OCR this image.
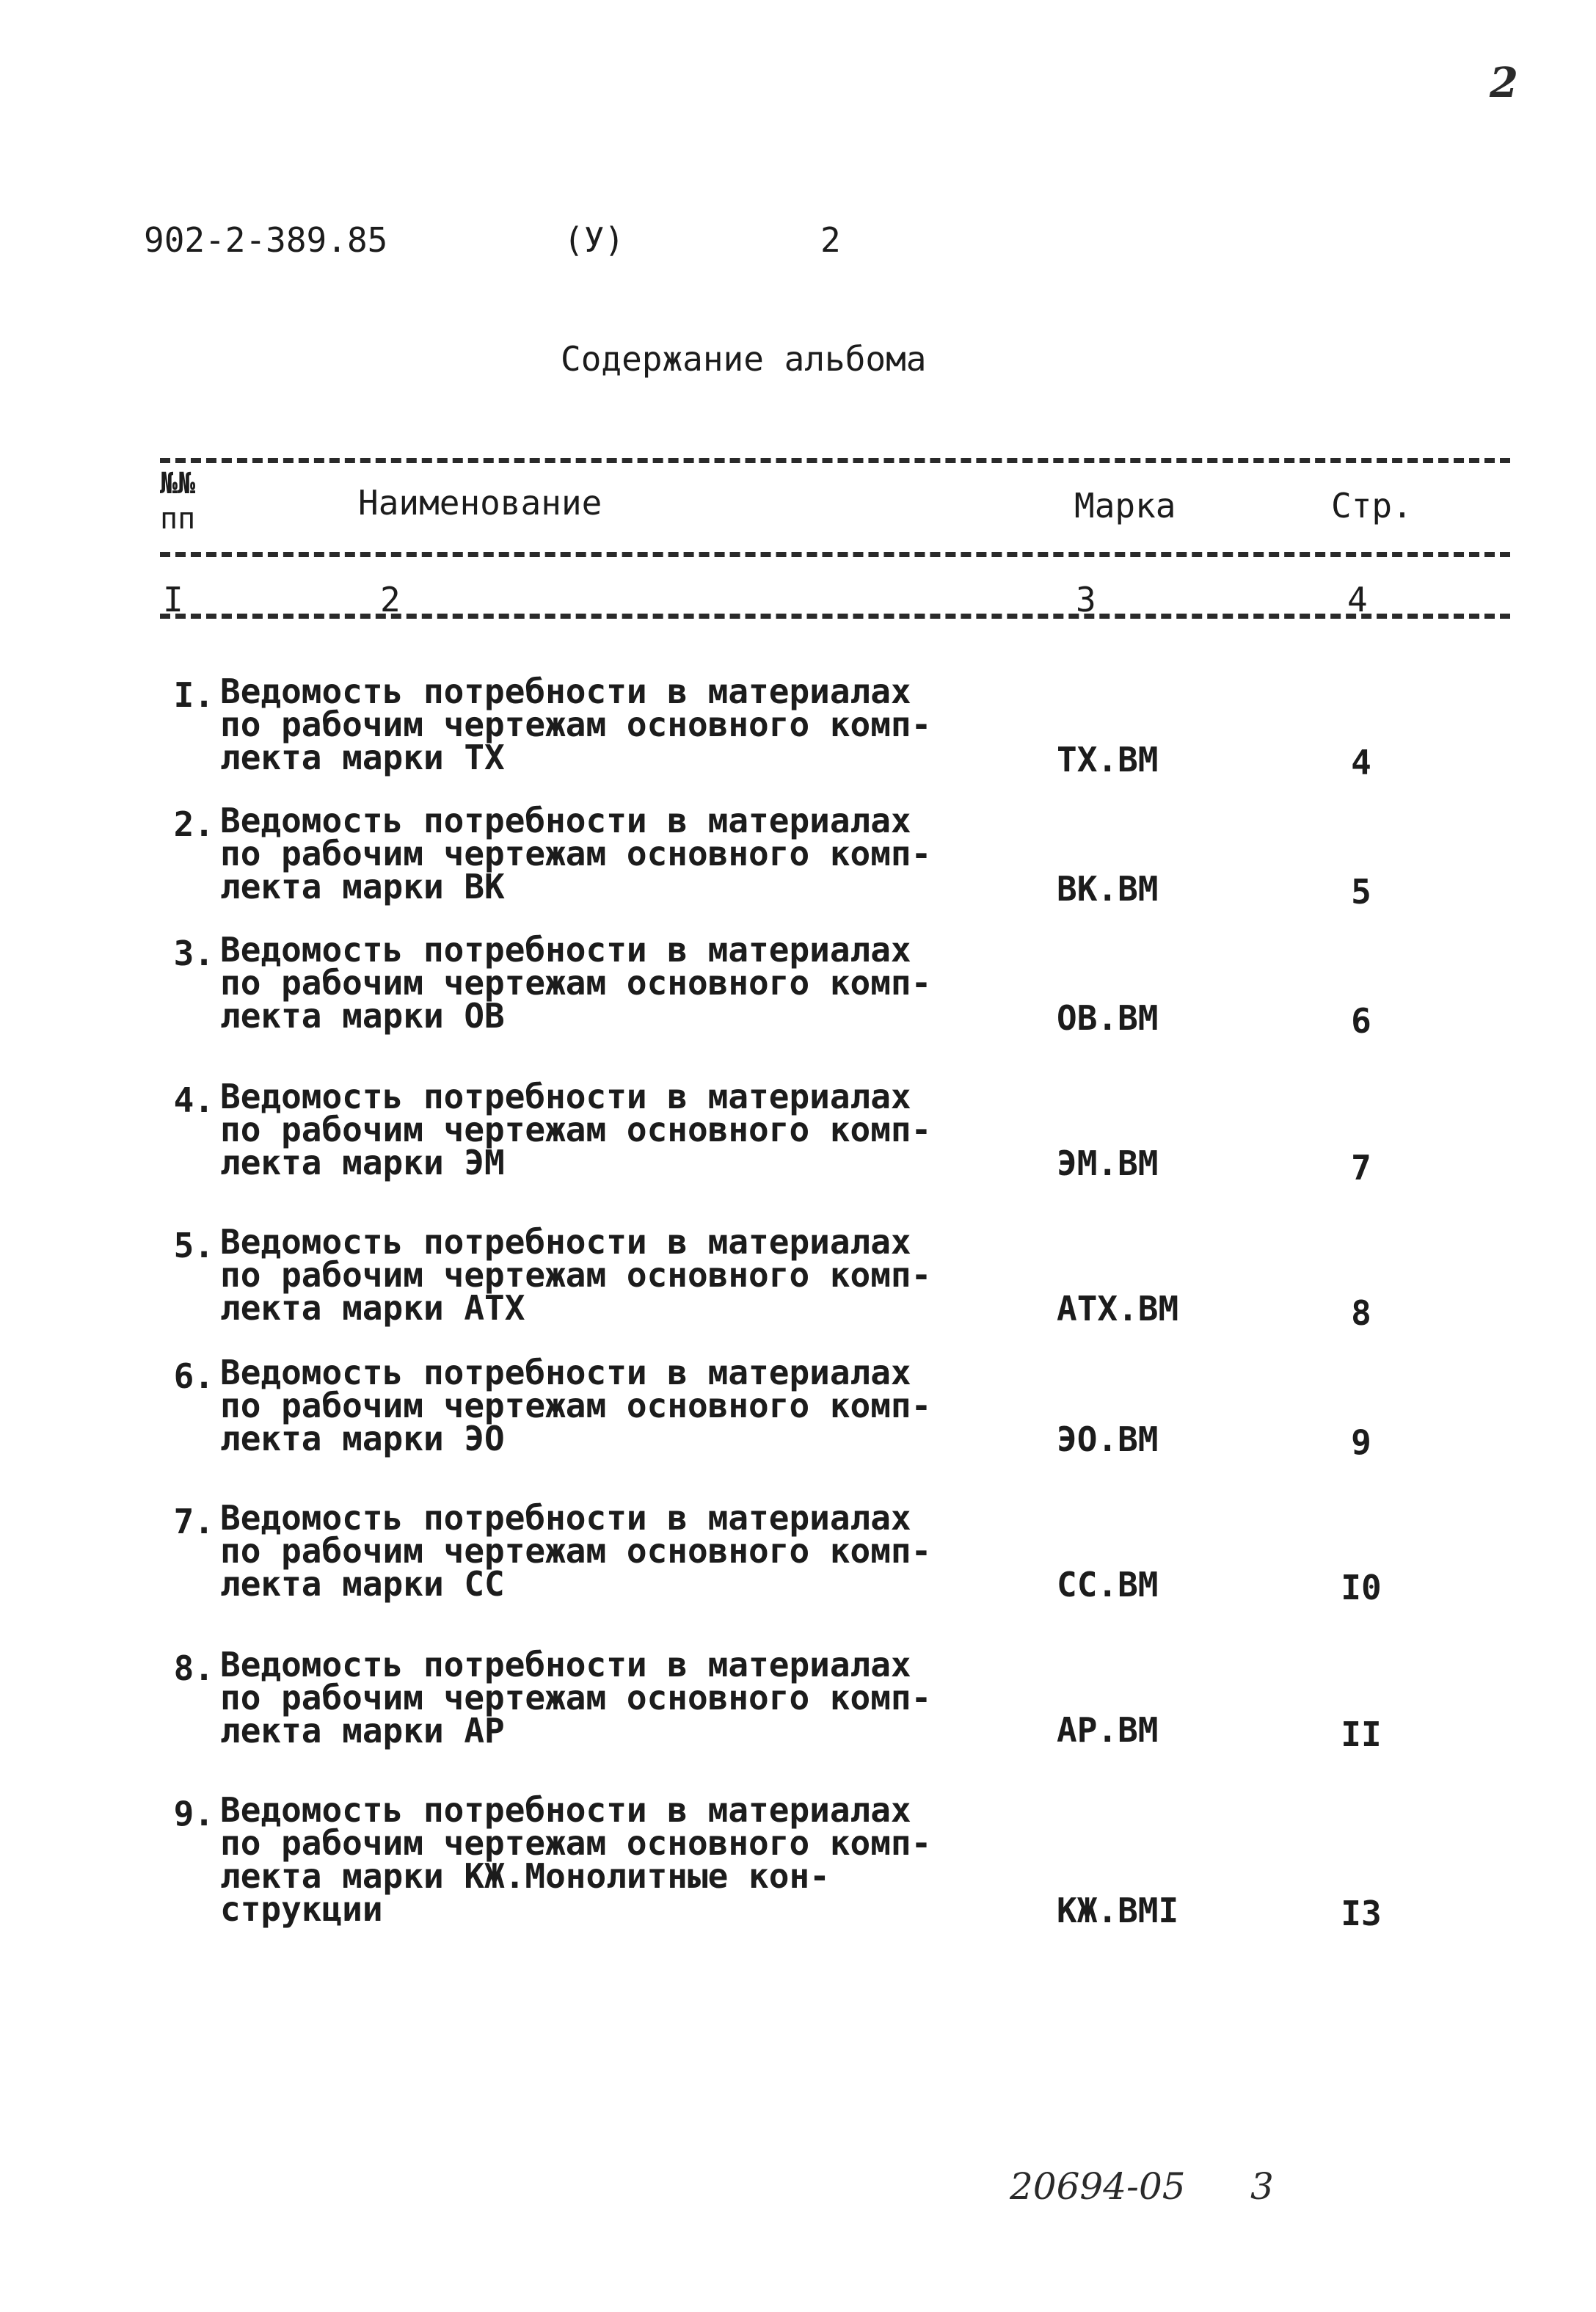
2
902-2-389.85	(У)	2
Содержание альбома
№№
пп	Наименование	Марка	Стр.
I	2	3	4
I. Ведомость потребности в материалах
по рабочим чертежам основного комп-
лекта марки ТХ	ТХ.ВМ	4
2. Ведомость потребности в материалах
по рабочим чертежам основного комп-
лекта марки ВК	ВК.ВМ	5
3. Ведомость потребности в материалах
по рабочим чертежам основного комп-
лекта марки ОВ	ОВ.ВМ	6
4. Ведомость потребности в материалах
по рабочим чертежам основного комп-
лекта марки ЭМ	ЭМ.ВМ	7
5. Ведомость потребности в материалах
по рабочим чертежам основного комп-
лекта марки АТХ	АТХ.ВМ	8
6. Ведомость потребности в материалах
по рабочим чертежам основного комп-
лекта марки ЭО	ЭО.ВМ	9
7. Ведомость потребности в материалах
по рабочим чертежам основного комп-
лекта марки СС	СС.ВМ	I0
8. Ведомость потребности в материалах
по рабочим чертежам основного комп-
лекта марки АР	АР.ВМ	II
9. Ведомость потребности в материалах
по рабочим чертежам основного комп-
лекта марки КЖ.Монолитные кон-
струкции	КЖ.ВМI	I3
20694-05 3
